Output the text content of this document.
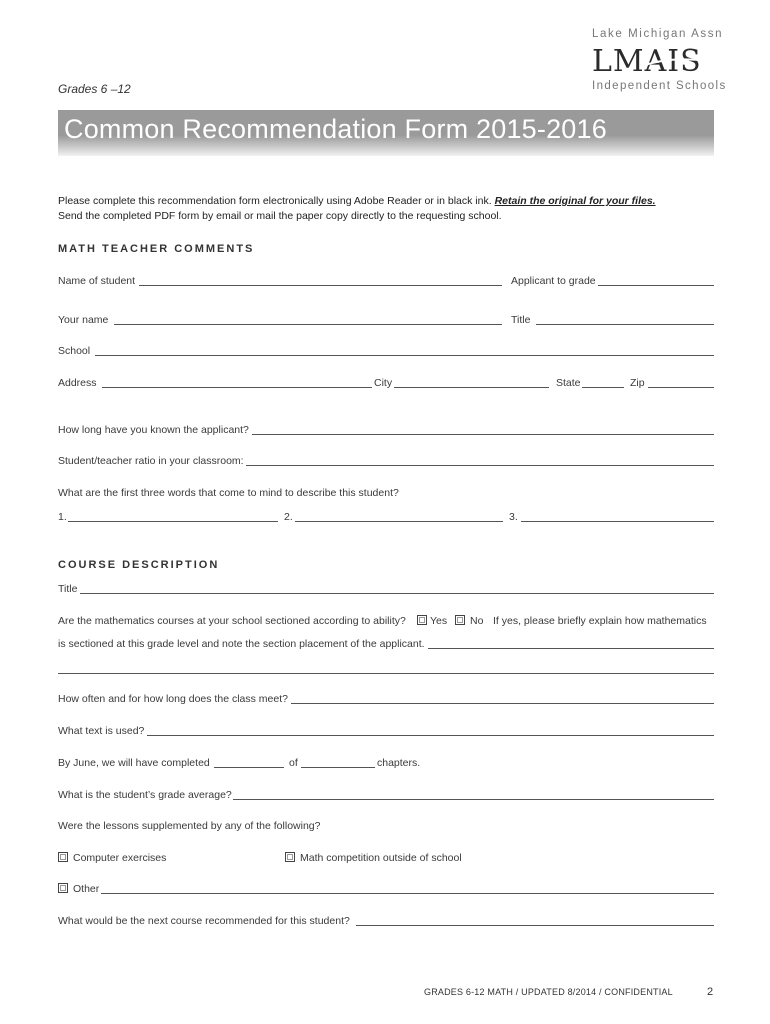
Lake Michigan Assn
LMAIS
Independent Schools
Grades 6 –12
Common Recommendation Form 2015-2016
Please complete this recommendation form electronically using Adobe Reader or in black ink. Retain the original for your files.
Send the completed PDF form by email or mail the paper copy directly to the requesting school.
MATH TEACHER COMMENTS
Name of student	Applicant to grade
Your name	Title
School
Address	City	State	Zip
How long have you known the applicant?
Student/teacher ratio in your classroom:
What are the first three words that come to mind to describe this student?
1.	2.	3.
COURSE DESCRIPTION
Title
Are the mathematics courses at your school sectioned according to ability? Yes No If yes, please briefly explain how mathematics
is sectioned at this grade level and note the section placement of the applicant.
How often and for how long does the class meet?
What text is used?
By June, we will have completed	of	chapters.
What is the student’s grade average?
Were the lessons supplemented by any of the following?
Computer exercises	Math competition outside of school
Other
What would be the next course recommended for this student?
GRADES 6-12 MATH / UPDATED 8/2014 / CONFIDENTIAL	2
